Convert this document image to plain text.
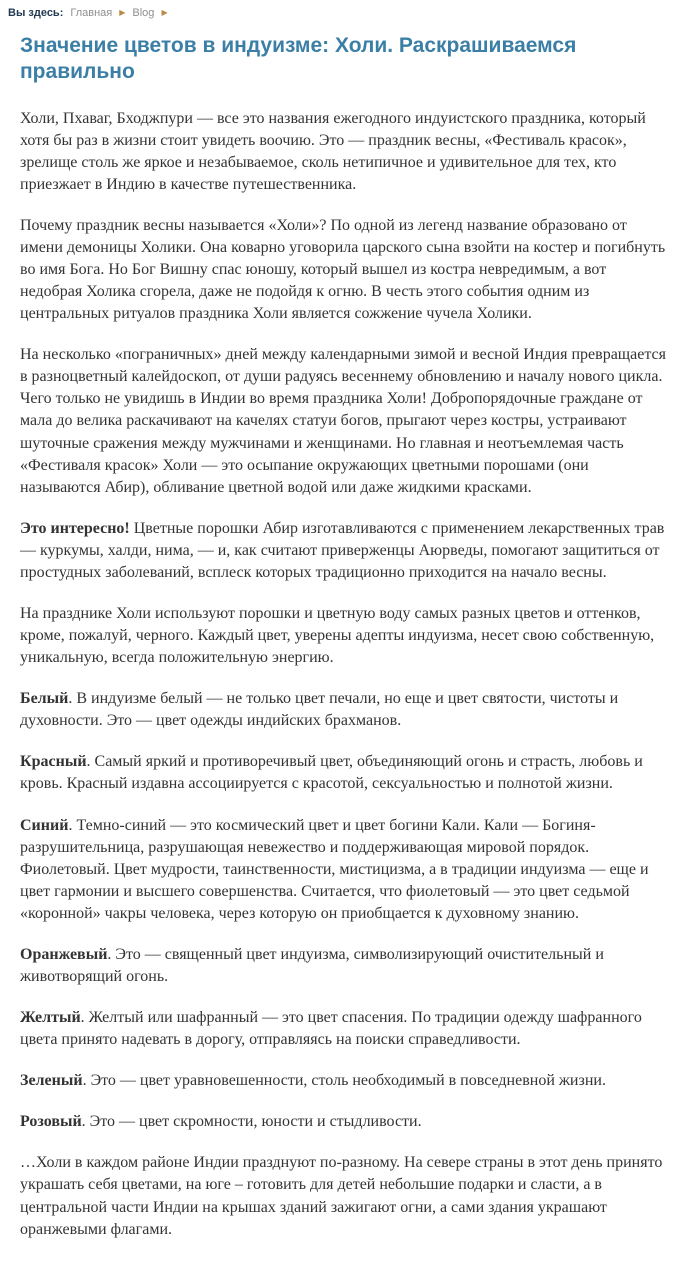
Вы здесь: Главная ▶ Blog ▶
Значение цветов в индуизме: Холи. Раскрашиваемся правильно

Холи, Пхаваг, Бходжпури — все это названия ежегодного индуистского праздника, который хотя бы раз в жизни стоит увидеть воочию. Это — праздник весны, «Фестиваль красок», зрелище столь же яркое и незабываемое, сколь нетипичное и удивительное для тех, кто приезжает в Индию в качестве путешественника.

Почему праздник весны называется «Холи»? По одной из легенд название образовано от имени демоницы Холики. Она коварно уговорила царского сына взойти на костер и погибнуть во имя Бога. Но Бог Вишну спас юношу, который вышел из костра невредимым, а вот недобрая Холика сгорела, даже не подойдя к огню. В честь этого события одним из центральных ритуалов праздника Холи является сожжение чучела Холики.

На несколько «пограничных» дней между календарными зимой и весной Индия превращается в разноцветный калейдоскоп, от души радуясь весеннему обновлению и началу нового цикла. Чего только не увидишь в Индии во время праздника Холи! Добропорядочные граждане от мала до велика раскачивают на качелях статуи богов, прыгают через костры, устраивают шуточные сражения между мужчинами и женщинами. Но главная и неотъемлемая часть «Фестиваля красок» Холи — это осыпание окружающих цветными порошами (они называются Абир), обливание цветной водой или даже жидкими красками.

Это интересно! Цветные порошки Абир изготавливаются с применением лекарственных трав — куркумы, халди, нима, — и, как считают приверженцы Аюрведы, помогают защититься от простудных заболеваний, всплеск которых традиционно приходится на начало весны.

На празднике Холи используют порошки и цветную воду самых разных цветов и оттенков, кроме, пожалуй, черного. Каждый цвет, уверены адепты индуизма, несет свою собственную, уникальную, всегда положительную энергию.

Белый. В индуизме белый — не только цвет печали, но еще и цвет святости, чистоты и духовности. Это — цвет одежды индийских брахманов.

Красный. Самый яркий и противоречивый цвет, объединяющий огонь и страсть, любовь и кровь. Красный издавна ассоциируется с красотой, сексуальностью и полнотой жизни.

Синий. Темно-синий — это космический цвет и цвет богини Кали. Кали — Богиня-разрушительница, разрушающая невежество и поддерживающая мировой порядок. Фиолетовый. Цвет мудрости, таинственности, мистицизма, а в традиции индуизма — еще и цвет гармонии и высшего совершенства. Считается, что фиолетовый — это цвет седьмой «коронной» чакры человека, через которую он приобщается к духовному знанию.

Оранжевый. Это — священный цвет индуизма, символизирующий очистительный и животворящий огонь.

Желтый. Желтый или шафранный — это цвет спасения. По традиции одежду шафранного цвета принято надевать в дорогу, отправляясь на поиски справедливости.

Зеленый. Это — цвет уравновешенности, столь необходимый в повседневной жизни.

Розовый. Это — цвет скромности, юности и стыдливости.

…Холи в каждом районе Индии празднуют по-разному. На севере страны в этот день принято украшать себя цветами, на юге – готовить для детей небольшие подарки и сласти, а в центральной части Индии на крышах зданий зажигают огни, а сами здания украшают оранжевыми флагами.
